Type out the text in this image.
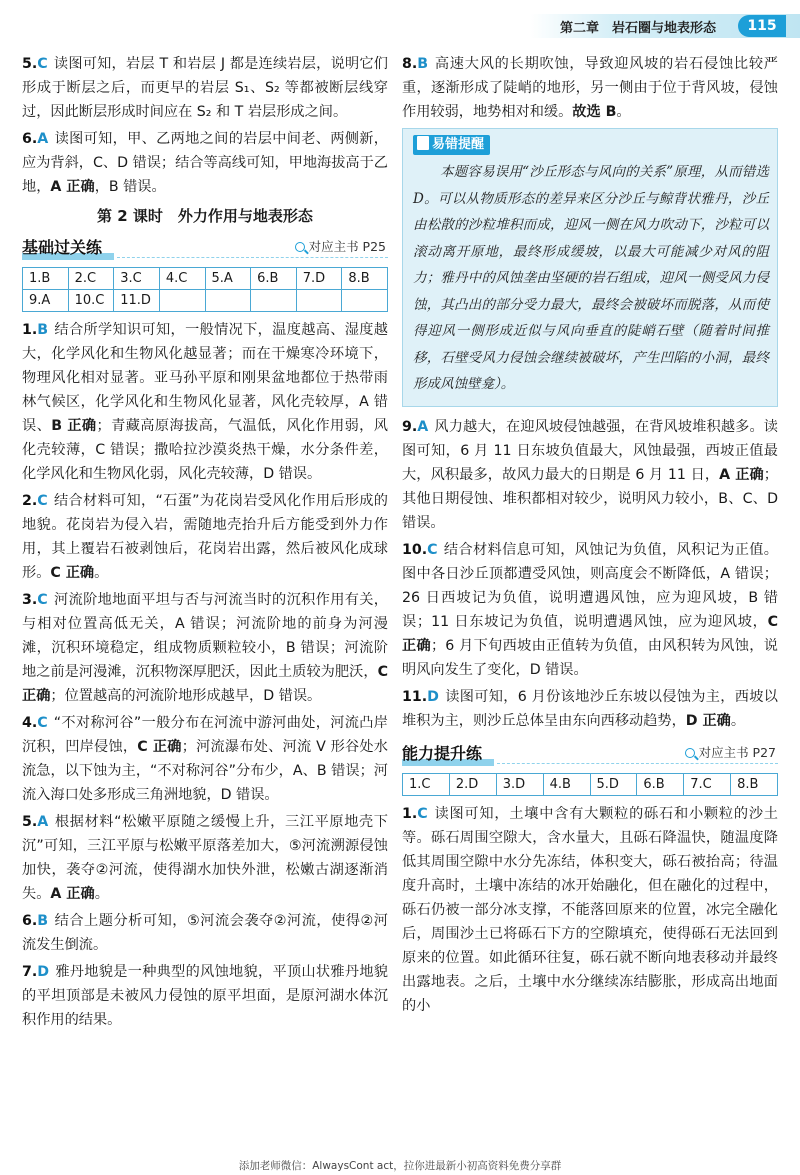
第二章　岩石圈与地表形态	115
5.C 读图可知，岩层 T 和岩层 J 都是连续岩层，说明它们形成于断层之后，而更早的岩层 S₁、S₂ 等都被断层线穿过，因此断层形成时间应在 S₂ 和 T 岩层形成之间。
6.A 读图可知，甲、乙两地之间的岩层中间老、两侧新，应为背斜，C、D 错误；结合等高线可知，甲地海拔高于乙地，A 正确，B 错误。
第 2 课时　外力作用与地表形态
基础过关练	对应主书 P25
1.B	2.C	3.C	4.C	5.A	6.B	7.D	8.B
9.A	10.C	11.D					
1.B 结合所学知识可知，一般情况下，温度越高、湿度越大，化学风化和生物风化越显著；而在干燥寒冷环境下，物理风化相对显著。亚马孙平原和刚果盆地都位于热带雨林气候区，化学风化和生物风化显著，风化壳较厚，A 错误、B 正确；青藏高原海拔高，气温低，风化作用弱，风化壳较薄，C 错误；撒哈拉沙漠炎热干燥，水分条件差，化学风化和生物风化弱，风化壳较薄，D 错误。
2.C 结合材料可知，“石蛋”为花岗岩受风化作用后形成的地貌。花岗岩为侵入岩，需随地壳抬升后方能受到外力作用，其上覆岩石被剥蚀后，花岗岩出露，然后被风化成球形。C 正确。
3.C 河流阶地地面平坦与否与河流当时的沉积作用有关，与相对位置高低无关，A 错误；河流阶地的前身为河漫滩，沉积环境稳定，组成物质颗粒较小，B 错误；河流阶地之前是河漫滩，沉积物深厚肥沃，因此土质较为肥沃，C 正确；位置越高的河流阶地形成越早，D 错误。
4.C “不对称河谷”一般分布在河流中游河曲处，河流凸岸沉积，凹岸侵蚀，C 正确；河流瀑布处、河流 V 形谷处水流急，以下蚀为主，“不对称河谷”分布少，A、B 错误；河流入海口处多形成三角洲地貌，D 错误。
5.A 根据材料“松嫩平原随之缓慢上升，三江平原地壳下沉”可知，三江平原与松嫩平原落差加大，⑤河流溯源侵蚀加快，袭夺②河流，使得湖水加快外泄，松嫩古湖逐渐消失。A 正确。
6.B 结合上题分析可知，⑤河流会袭夺②河流，使得②河流发生倒流。
7.D 雅丹地貌是一种典型的风蚀地貌，平顶山状雅丹地貌的平坦顶部是未被风力侵蚀的原平坦面，是原河湖水体沉积作用的结果。
8.B 高速大风的长期吹蚀，导致迎风坡的岩石侵蚀比较严重，逐渐形成了陡峭的地形，另一侧由于位于背风坡，侵蚀作用较弱，地势相对和缓。故选 B。
易错提醒
本题容易误用“沙丘形态与风向的关系”原理，从而错选 D。可以从物质形态的差异来区分沙丘与鲸背状雅丹，沙丘由松散的沙粒堆积而成，迎风一侧在风力吹动下，沙粒可以滚动离开原地，最终形成缓坡，以最大可能减少对风的阻力；雅丹中的风蚀垄由坚硬的岩石组成，迎风一侧受风力侵蚀，其凸出的部分受力最大，最终会被破坏而脱落，从而使得迎风一侧形成近似与风向垂直的陡峭石壁（随着时间推移，石壁受风力侵蚀会继续被破坏，产生凹陷的小洞，最终形成风蚀壁龛）。
9.A 风力越大，在迎风坡侵蚀越强，在背风坡堆积越多。读图可知，6 月 11 日东坡负值最大，风蚀最强，西坡正值最大，风积最多，故风力最大的日期是 6 月 11 日，A 正确；其他日期侵蚀、堆积都相对较少，说明风力较小，B、C、D 错误。
10.C 结合材料信息可知，风蚀记为负值，风积记为正值。图中各日沙丘顶都遭受风蚀，则高度会不断降低，A 错误；26 日西坡记为负值，说明遭遇风蚀，应为迎风坡，B 错误；11 日东坡记为负值，说明遭遇风蚀，应为迎风坡，C 正确；6 月下旬西坡由正值转为负值，由风积转为风蚀，说明风向发生了变化，D 错误。
11.D 读图可知，6 月份该地沙丘东坡以侵蚀为主，西坡以堆积为主，则沙丘总体呈由东向西移动趋势，D 正确。
能力提升练	对应主书 P27
1.C	2.D	3.D	4.B	5.D	6.B	7.C	8.B
1.C 读图可知，土壤中含有大颗粒的砾石和小颗粒的沙土等。砾石周围空隙大，含水量大，且砾石降温快，随温度降低其周围空隙中水分先冻结，体积变大，砾石被抬高；待温度升高时，土壤中冻结的冰开始融化，但在融化的过程中，砾石仍被一部分冰支撑，不能落回原来的位置，冰完全融化后，周围沙土已将砾石下方的空隙填充，使得砾石无法回到原来的位置。如此循环往复，砾石就不断向地表移动并最终出露地表。之后，土壤中水分继续冻结膨胀，形成高出地面的小
添加老师微信：AlwaysCont act，拉你进最新小初高资料免费分享群
